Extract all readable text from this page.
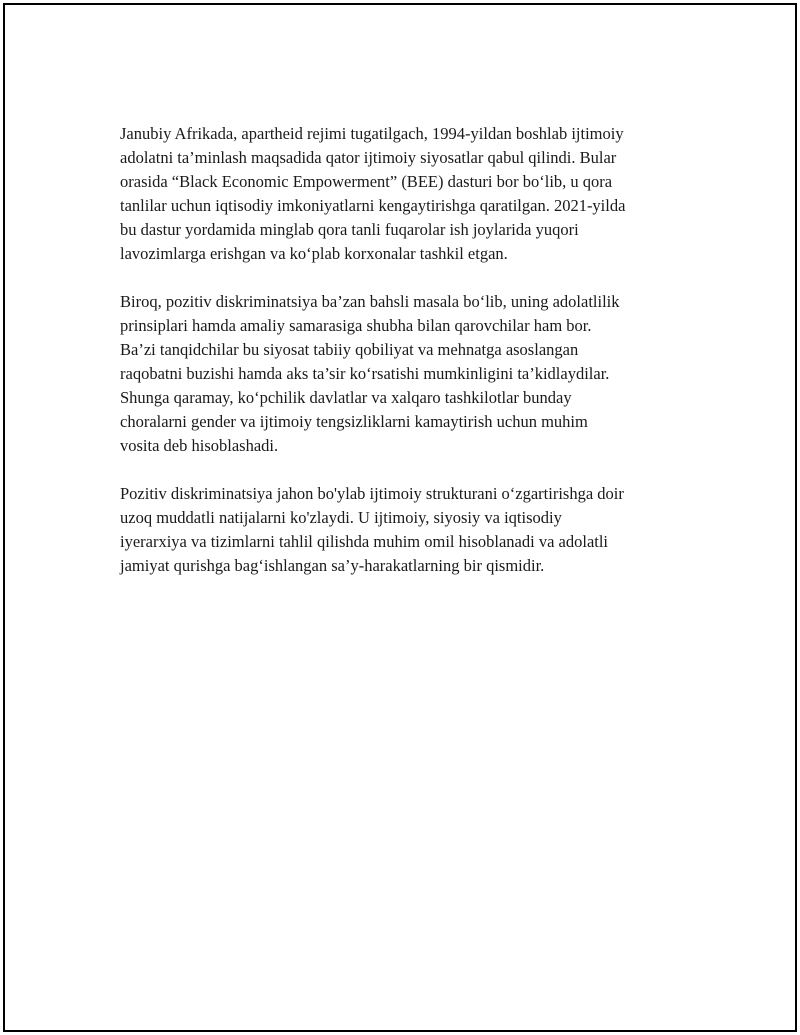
Janubiy Afrikada, apartheid rejimi tugatilgach, 1994-yildan boshlab ijtimoiy
adolatni ta’minlash maqsadida qator ijtimoiy siyosatlar qabul qilindi. Bular
orasida “Black Economic Empowerment” (BEE) dasturi bor bo‘lib, u qora
tanlilar uchun iqtisodiy imkoniyatlarni kengaytirishga qaratilgan. 2021-yilda
bu dastur yordamida minglab qora tanli fuqarolar ish joylarida yuqori
lavozimlarga erishgan va ko‘plab korxonalar tashkil etgan.

Biroq, pozitiv diskriminatsiya ba’zan bahsli masala bo‘lib, uning adolatlilik
prinsiplari hamda amaliy samarasiga shubha bilan qarovchilar ham bor.
Ba’zi tanqidchilar bu siyosat tabiiy qobiliyat va mehnatga asoslangan
raqobatni buzishi hamda aks ta’sir ko‘rsatishi mumkinligini ta’kidlaydilar.
Shunga qaramay, ko‘pchilik davlatlar va xalqaro tashkilotlar bunday
choralarni gender va ijtimoiy tengsizliklarni kamaytirish uchun muhim
vosita deb hisoblashadi.

Pozitiv diskriminatsiya jahon bo'ylab ijtimoiy strukturani o‘zgartirishga doir
uzoq muddatli natijalarni ko'zlaydi. U ijtimoiy, siyosiy va iqtisodiy
iyerarxiya va tizimlarni tahlil qilishda muhim omil hisoblanadi va adolatli
jamiyat qurishga bag‘ishlangan sa’y-harakatlarning bir qismidir.
